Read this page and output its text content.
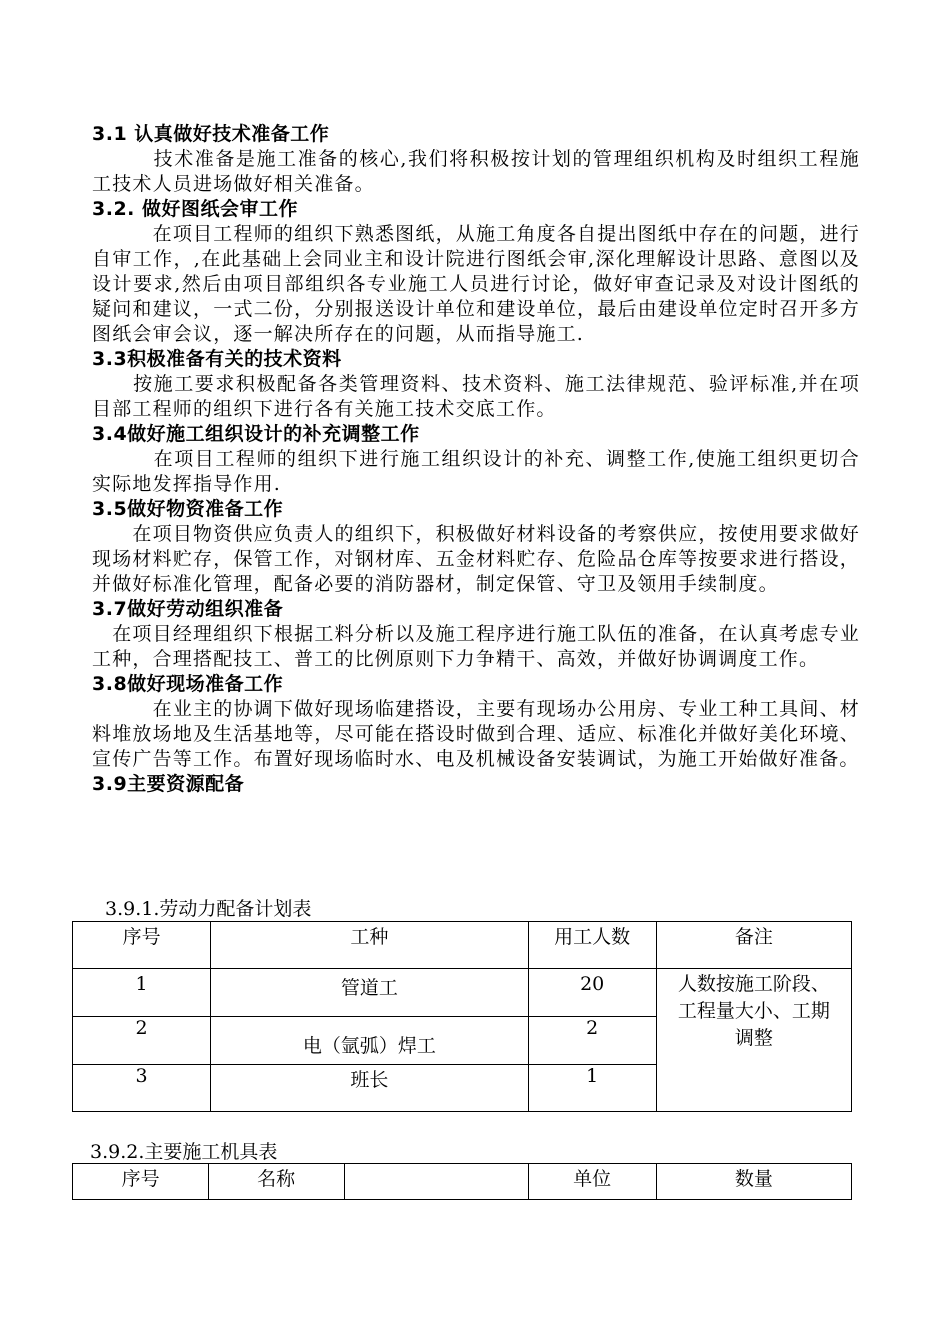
3.1 认真做好技术准备工作

　　　技术准备是施工准备的核心,我们将积极按计划的管理组织机构及时组织工程施工技术人员进场做好相关准备。

3.2. 做好图纸会审工作

　　　在项目工程师的组织下熟悉图纸，从施工角度各自提出图纸中存在的问题，进行自审工作，,在此基础上会同业主和设计院进行图纸会审,深化理解设计思路、意图以及设计要求,然后由项目部组织各专业施工人员进行讨论，做好审查记录及对设计图纸的疑问和建议，一式二份，分别报送设计单位和建设单位，最后由建设单位定时召开多方图纸会审会议，逐一解决所存在的问题，从而指导施工.

3.3积极准备有关的技术资料

　　按施工要求积极配备各类管理资料、技术资料、施工法律规范、验评标准,并在项目部工程师的组织下进行各有关施工技术交底工作。

3.4做好施工组织设计的补充调整工作

　　　在项目工程师的组织下进行施工组织设计的补充、调整工作,使施工组织更切合实际地发挥指导作用.

3.5做好物资准备工作

　　在项目物资供应负责人的组织下，积极做好材料设备的考察供应，按使用要求做好现场材料贮存，保管工作，对钢材库、五金材料贮存、危险品仓库等按要求进行搭设，并做好标准化管理，配备必要的消防器材，制定保管、守卫及领用手续制度。

3.7做好劳动组织准备

　在项目经理组织下根据工料分析以及施工程序进行施工队伍的准备，在认真考虑专业工种，合理搭配技工、普工的比例原则下力争精干、高效，并做好协调调度工作。

3.8做好现场准备工作

　　　在业主的协调下做好现场临建搭设，主要有现场办公用房、专业工种工具间、材料堆放场地及生活基地等，尽可能在搭设时做到合理、适应、标准化并做好美化环境、宣传广告等工作。布置好现场临时水、电及机械设备安装调试，为施工开始做好准备。

3.9主要资源配备

3.9.1.劳动力配备计划表

序号	工种	用工人数	备注
1	管道工	20	人数按施工阶段、工程量大小、工期调整
2	电（氩弧）焊工	2	
3	班长	1	

3.9.2.主要施工机具表

序号	名称		单位	数量
